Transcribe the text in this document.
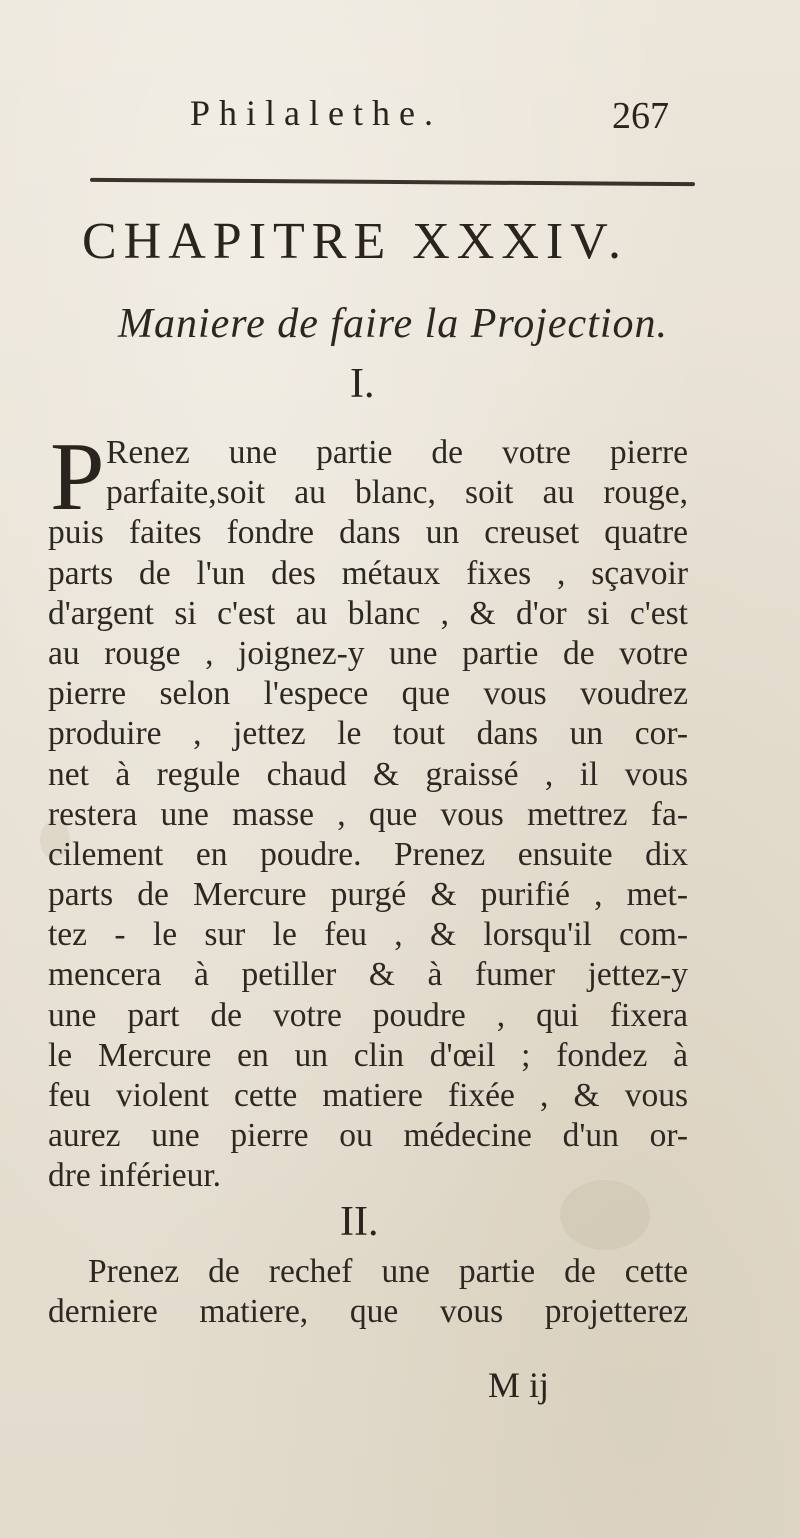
Philalethe.	267
CHAPITRE XXXIV.
Maniere de faire la Projection.
I.
P Renez une partie de votre pierre
parfaite,soit au blanc, soit au rouge,
puis faites fondre dans un creuset quatre
parts de l'un des métaux fixes , sçavoir
d'argent si c'est au blanc , & d'or si c'est
au rouge , joignez-y une partie de votre
pierre selon l'espece que vous voudrez
produire , jettez le tout dans un cor-
net à regule chaud & graissé , il vous
restera une masse , que vous mettrez fa-
cilement en poudre. Prenez ensuite dix
parts de Mercure purgé & purifié , met-
tez - le sur le feu , & lorsqu'il com-
mencera à petiller & à fumer jettez-y
une part de votre poudre , qui fixera
le Mercure en un clin d'œil ; fondez à
feu violent cette matiere fixée , & vous
aurez une pierre ou médecine d'un or-
dre inférieur.
II.
Prenez de rechef une partie de cette
derniere matiere, que vous projetterez
M ij
